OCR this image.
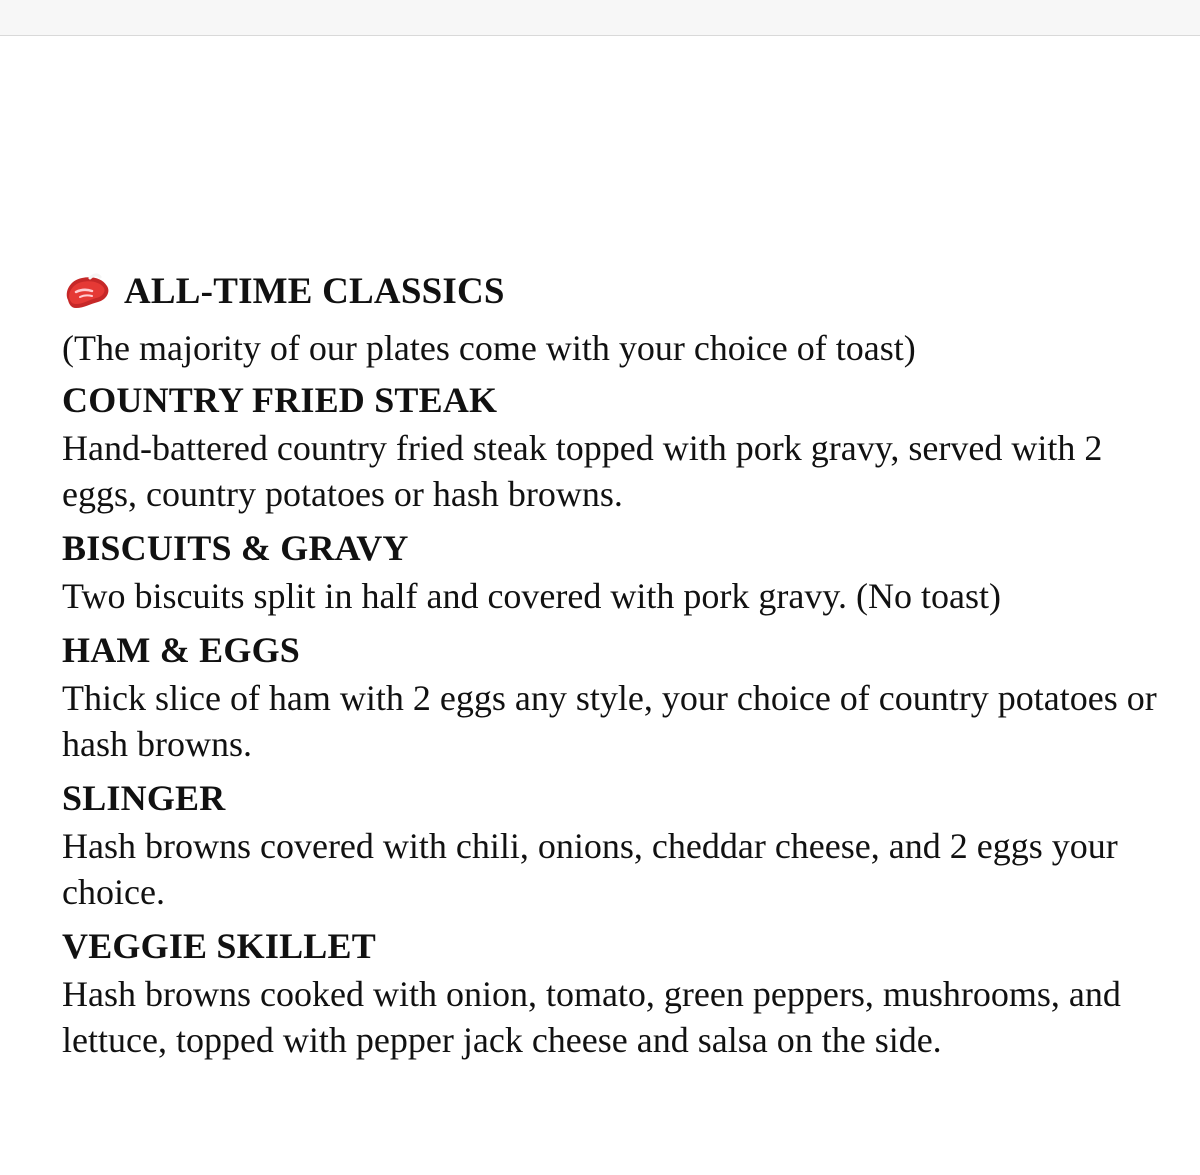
ALL-TIME CLASSICS
(The majority of our plates come with your choice of toast)
COUNTRY FRIED STEAK
Hand-battered country fried steak topped with pork gravy, served with 2 eggs, country potatoes or hash browns.
BISCUITS & GRAVY
Two biscuits split in half and covered with pork gravy. (No toast)
HAM & EGGS
Thick slice of ham with 2 eggs any style, your choice of country potatoes or hash browns.
SLINGER
Hash browns covered with chili, onions, cheddar cheese, and 2 eggs your choice.
VEGGIE SKILLET
Hash browns cooked with onion, tomato, green peppers, mushrooms, and lettuce, topped with pepper jack cheese and salsa on the side.
